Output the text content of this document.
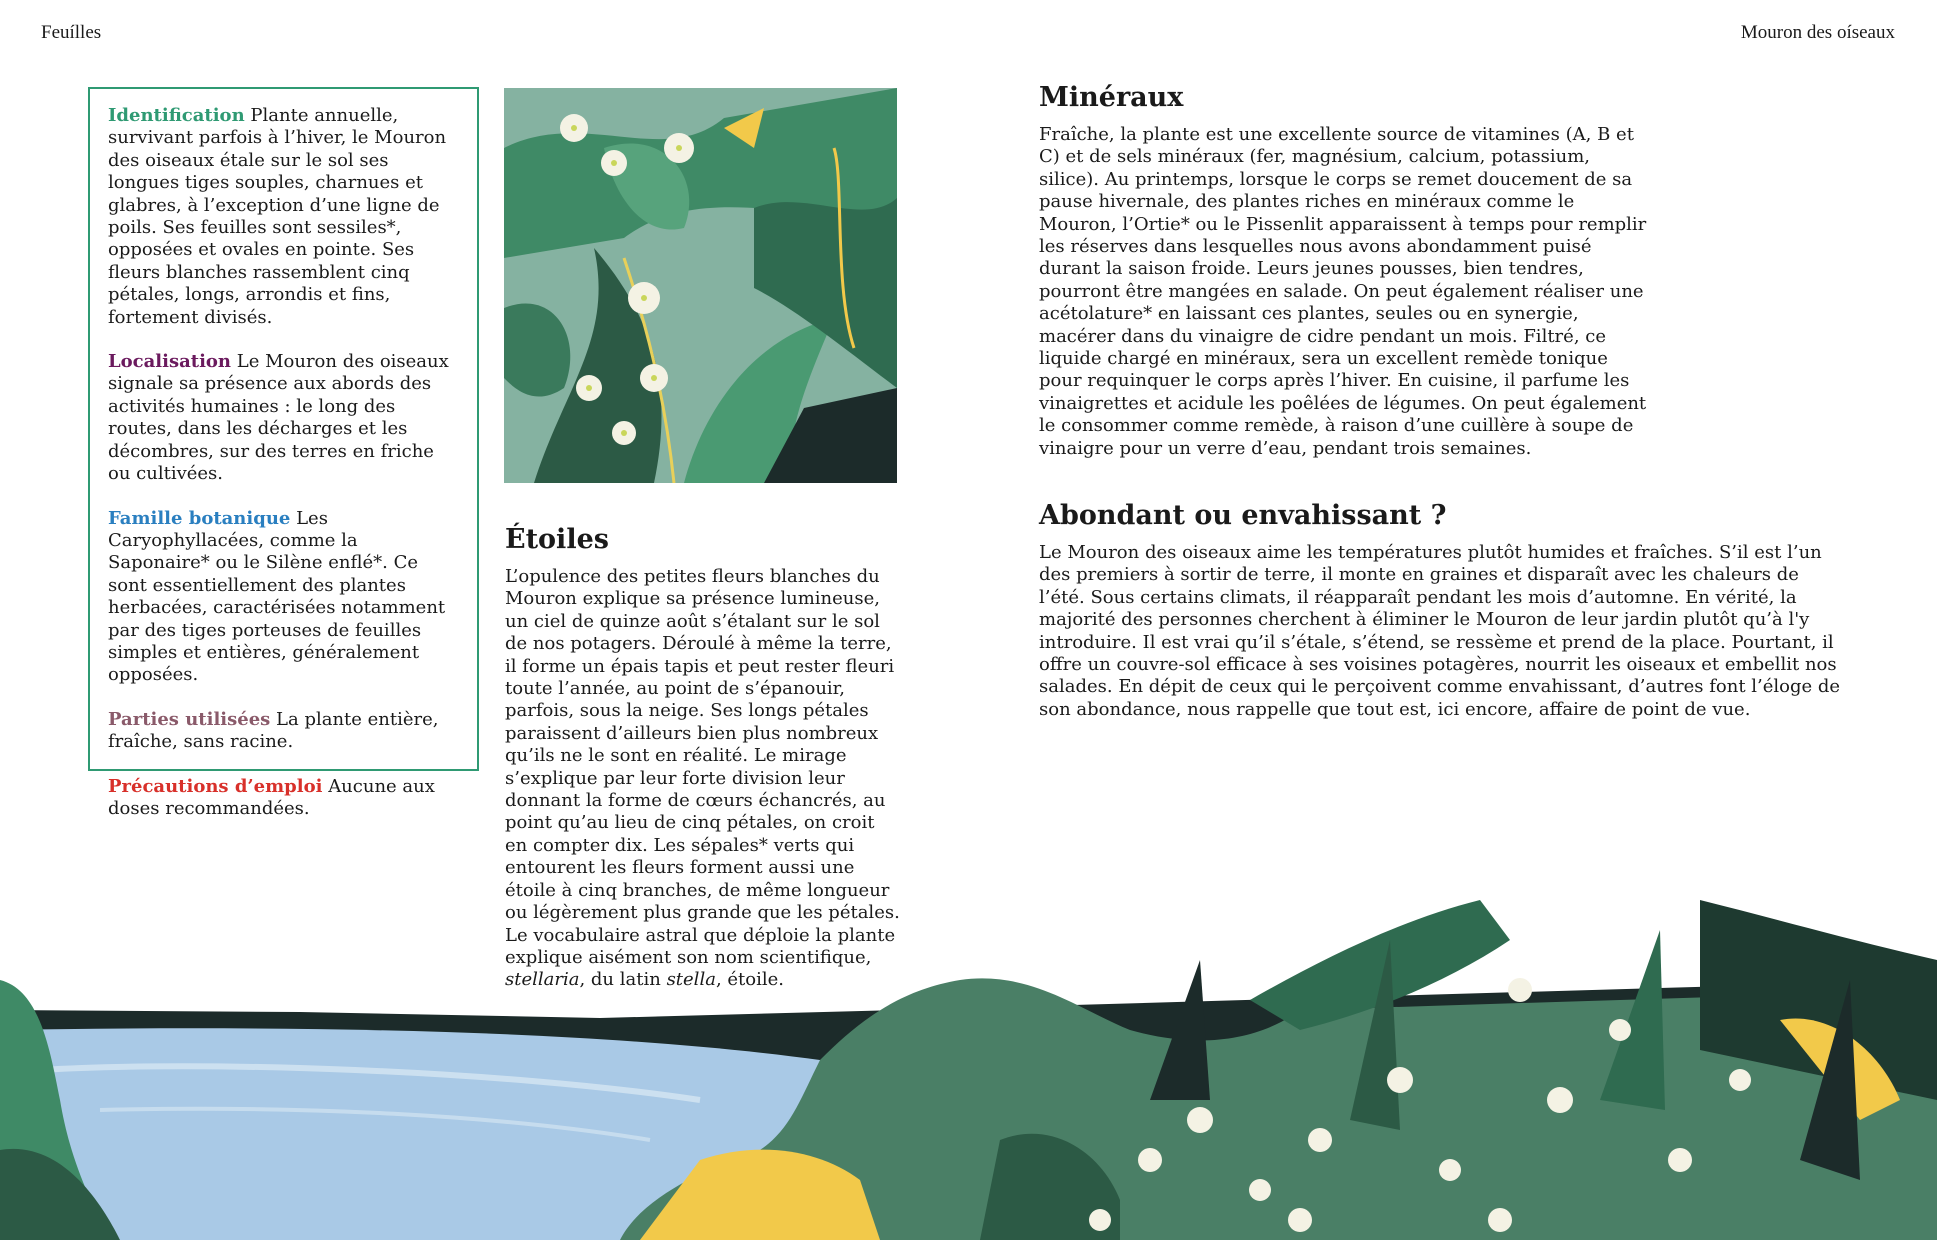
Feuílles	Mouron des oíseaux
Identification Plante annuelle, survivant parfois à l’hiver, le Mouron des oiseaux étale sur le sol ses longues tiges souples, charnues et glabres, à l’exception d’une ligne de poils. Ses feuilles sont sessiles*, opposées et ovales en pointe. Ses fleurs blanches rassemblent cinq pétales, longs, arrondis et fins, fortement divisés.
Localisation Le Mouron des oiseaux signale sa présence aux abords des activités humaines : le long des routes, dans les décharges et les décombres, sur des terres en friche ou cultivées.
Famille botanique Les Caryophyllacées, comme la Saponaire* ou le Silène enflé*. Ce sont essentiellement des plantes herbacées, caractérisées notamment par des tiges porteuses de feuilles simples et entières, généralement opposées.
Parties utilisées La plante entière, fraîche, sans racine.
Précautions d’emploi Aucune aux doses recommandées.
Étoiles

L’opulence des petites fleurs blanches du Mouron explique sa présence lumineuse, un ciel de quinze août s’étalant sur le sol de nos potagers. Déroulé à même la terre, il forme un épais tapis et peut rester fleuri toute l’année, au point de s’épanouir, parfois, sous la neige. Ses longs pétales paraissent d’ailleurs bien plus nombreux qu’ils ne le sont en réalité. Le mirage s’explique par leur forte division leur donnant la forme de cœurs échancrés, au point qu’au lieu de cinq pétales, on croit en compter dix. Les sépales* verts qui entourent les fleurs forment aussi une étoile à cinq branches, de même longueur ou légèrement plus grande que les pétales. Le vocabulaire astral que déploie la plante explique aisément son nom scientifique, stellaria, du latin stella, étoile.

Minéraux

Fraîche, la plante est une excellente source de vitamines (A, B et C) et de sels minéraux (fer, magnésium, calcium, potassium, silice). Au printemps, lorsque le corps se remet doucement de sa pause hivernale, des plantes riches en minéraux comme le Mouron, l’Ortie* ou le Pissenlit apparaissent à temps pour remplir les réserves dans lesquelles nous avons abondamment puisé durant la saison froide. Leurs jeunes pousses, bien tendres, pourront être mangées en salade. On peut également réaliser une acétolature* en laissant ces plantes, seules ou en synergie, macérer dans du vinaigre de cidre pendant un mois. Filtré, ce liquide chargé en minéraux, sera un excellent remède tonique pour requinquer le corps après l’hiver. En cuisine, il parfume les vinaigrettes et acidule les poêlées de légumes. On peut également le consommer comme remède, à raison d’une cuillère à soupe de vinaigre pour un verre d’eau, pendant trois semaines.

Abondant ou envahissant ?

Le Mouron des oiseaux aime les températures plutôt humides et fraîches. S’il est l’un des premiers à sortir de terre, il monte en graines et disparaît avec les chaleurs de l’été. Sous certains climats, il réapparaît pendant les mois d’automne. En vérité, la majorité des personnes cherchent à éliminer le Mouron de leur jardin plutôt qu’à l'y introduire. Il est vrai qu’il s’étale, s’étend, se ressème et prend de la place. Pourtant, il offre un couvre-sol efficace à ses voisines potagères, nourrit les oiseaux et embellit nos salades. En dépit de ceux qui le perçoivent comme envahissant, d’autres font l’éloge de son abondance, nous rappelle que tout est, ici encore, affaire de point de vue.
